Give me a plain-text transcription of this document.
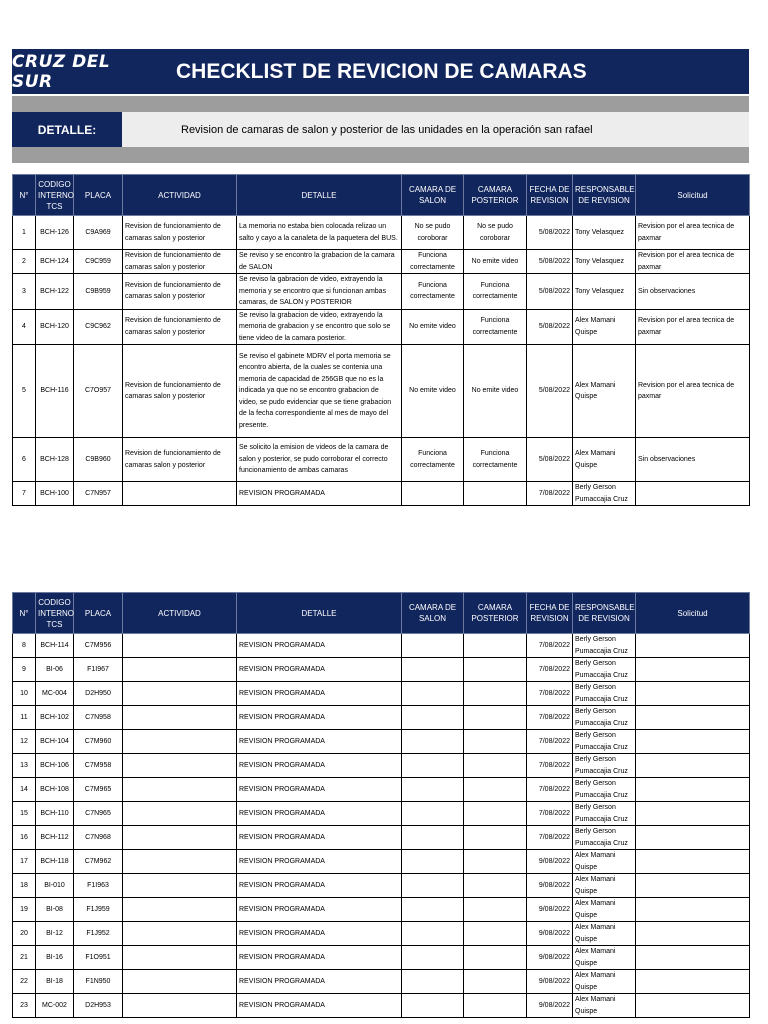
CRUZ DEL SUR	CHECKLIST DE REVICION DE CAMARAS
DETALLE:	Revision de camaras de salon y posterior de las unidades en la operación san rafael
N°	CODIGO INTERNO TCS	PLACA	ACTIVIDAD	DETALLE	CAMARA DE SALON	CAMARA POSTERIOR	FECHA DE REVISION	RESPONSABLE DE REVISION	Solicitud
1	BCH-126	C9A969	Revision de funcionamiento de camaras salon y posterior	La memoria no estaba bien colocada relizao un salto y cayo a la canaleta de la paquetera del BUS.	No se pudo coroborar	No se pudo coroborar	5/08/2022	Tony Velasquez	Revision por el area tecnica de paxmar
2	BCH-124	C9C959	Revision de funcionamiento de camaras salon y posterior	Se reviso y se encontro la grabacion de la camara de SALON	Funciona correctamente	No emite video	5/08/2022	Tony Velasquez	Revision por el area tecnica de paxmar
3	BCH-122	C9B959	Revision de funcionamiento de camaras salon y posterior	Se reviso la gabracion de video, extrayendo la memoria y se encontro que si funcionan ambas camaras, de SALON y POSTERIOR	Funciona correctamente	Funciona correctamente	5/08/2022	Tony Velasquez	Sin observaciones
4	BCH-120	C9C962	Revision de funcionamiento de camaras salon y posterior	Se reviso la grabacion de video, extrayendo la memoria de grabacion y se encontro que solo se tiene video de la camara posterior.	No emite video	Funciona correctamente	5/08/2022	Alex Mamani Quispe	Revision por el area tecnica de paxmar
5	BCH-116	C7O957	Revision de funcionamiento de camaras salon y posterior	Se reviso el gabinete MDRV el porta memoria se encontro abierta, de la cuales se contenia una memoria de capacidad de 256GB que no es la indicada ya que no se encontro grabacion de video, se pudo evidenciar que se tiene grabacion de la fecha correspondiente al mes de mayo del presente.	No emite video	No emite video	5/08/2022	Alex Mamani Quispe	Revision por el area tecnica de paxmar
6	BCH-128	C9B960	Revision de funcionamiento de camaras salon y posterior	Se solicito la emision de videos de la camara de salon y posterior, se pudo corroborar el correcto funcionamiento de ambas camaras	Funciona correctamente	Funciona correctamente	5/08/2022	Alex Mamani Quispe	Sin observaciones
7	BCH-100	C7N957		REVISION PROGRAMADA			7/08/2022	Berly Gerson Pumaccajia Cruz	
N°	CODIGO INTERNO TCS	PLACA	ACTIVIDAD	DETALLE	CAMARA DE SALON	CAMARA POSTERIOR	FECHA DE REVISION	RESPONSABLE DE REVISION	Solicitud
8	BCH-114	C7M956		REVISION PROGRAMADA			7/08/2022	Berly Gerson Pumaccajia Cruz	
9	BI-06	F1I967		REVISION PROGRAMADA			7/08/2022	Berly Gerson Pumaccajia Cruz	
10	MC-004	D2H950		REVISION PROGRAMADA			7/08/2022	Berly Gerson Pumaccajia Cruz	
11	BCH-102	C7N958		REVISION PROGRAMADA			7/08/2022	Berly Gerson Pumaccajia Cruz	
12	BCH-104	C7M960		REVISION PROGRAMADA			7/08/2022	Berly Gerson Pumaccajia Cruz	
13	BCH-106	C7M958		REVISION PROGRAMADA			7/08/2022	Berly Gerson Pumaccajia Cruz	
14	BCH-108	C7M965		REVISION PROGRAMADA			7/08/2022	Berly Gerson Pumaccajia Cruz	
15	BCH-110	C7N965		REVISION PROGRAMADA			7/08/2022	Berly Gerson Pumaccajia Cruz	
16	BCH-112	C7N968		REVISION PROGRAMADA			7/08/2022	Berly Gerson Pumaccajia Cruz	
17	BCH-118	C7M962		REVISION PROGRAMADA			9/08/2022	Alex Mamani Quispe	
18	BI-010	F1I963		REVISION PROGRAMADA			9/08/2022	Alex Mamani Quispe	
19	BI-08	F1J959		REVISION PROGRAMADA			9/08/2022	Alex Mamani Quispe	
20	BI-12	F1J952		REVISION PROGRAMADA			9/08/2022	Alex Mamani Quispe	
21	BI-16	F1O951		REVISION PROGRAMADA			9/08/2022	Alex Mamani Quispe	
22	BI-18	F1N950		REVISION PROGRAMADA			9/08/2022	Alex Mamani Quispe	
23	MC-002	D2H953		REVISION PROGRAMADA			9/08/2022	Alex Mamani Quispe	
